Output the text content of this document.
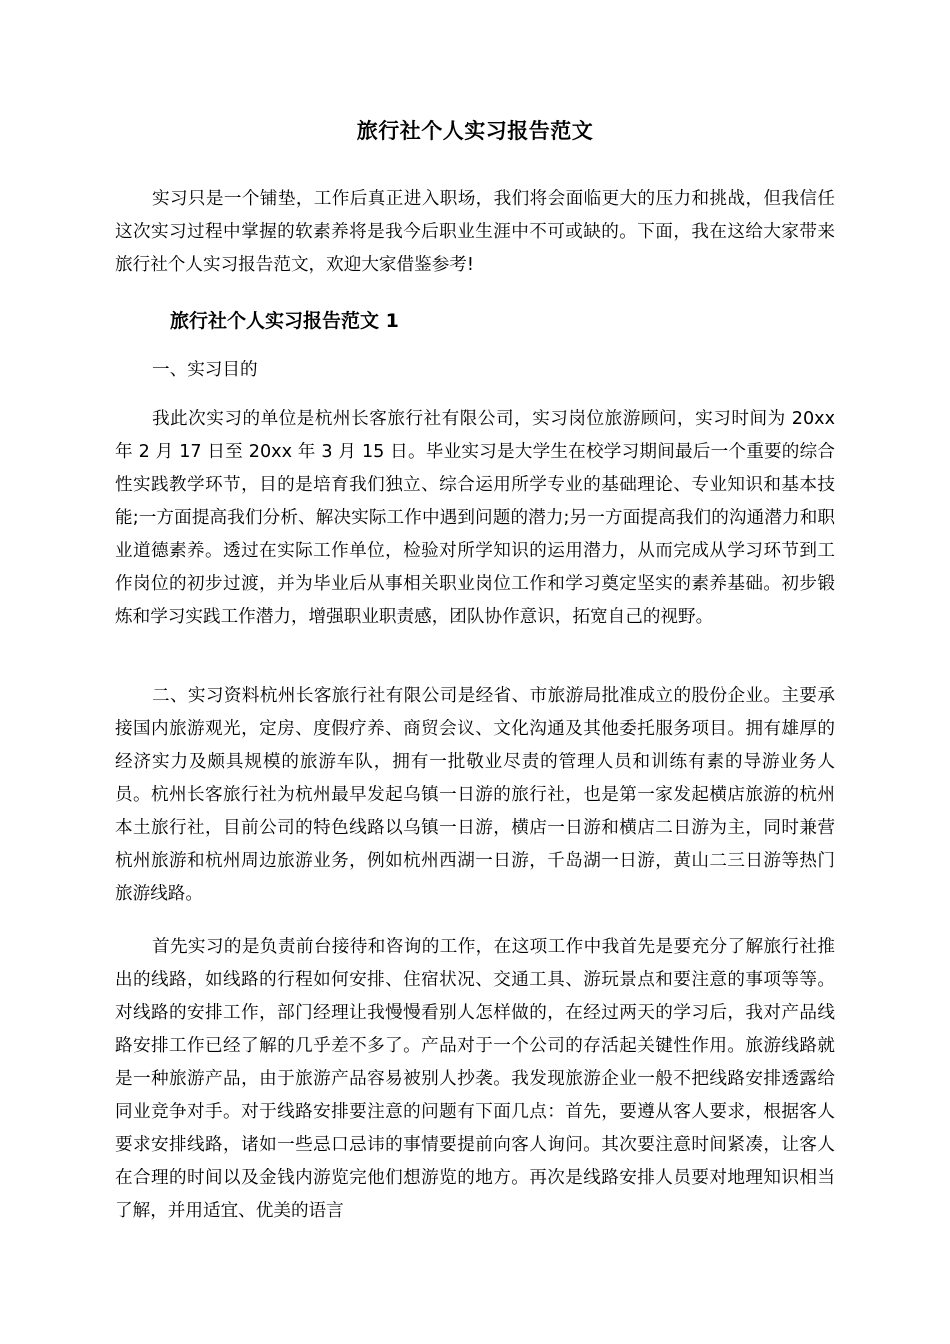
旅行社个人实习报告范文

实习只是一个铺垫，工作后真正进入职场，我们将会面临更大的压力和挑战，但我信任这次实习过程中掌握的软素养将是我今后职业生涯中不可或缺的。下面，我在这给大家带来旅行社个人实习报告范文，欢迎大家借鉴参考!

旅行社个人实习报告范文 1

一、实习目的

我此次实习的单位是杭州长客旅行社有限公司，实习岗位旅游顾问，实习时间为 20xx 年 2 月 17 日至 20xx 年 3 月 15 日。毕业实习是大学生在校学习期间最后一个重要的综合性实践教学环节，目的是培育我们独立、综合运用所学专业的基础理论、专业知识和基本技能;一方面提高我们分析、解决实际工作中遇到问题的潜力;另一方面提高我们的沟通潜力和职业道德素养。透过在实际工作单位，检验对所学知识的运用潜力，从而完成从学习环节到工作岗位的初步过渡，并为毕业后从事相关职业岗位工作和学习奠定坚实的素养基础。初步锻炼和学习实践工作潜力，增强职业职责感，团队协作意识，拓宽自己的视野。

二、实习资料杭州长客旅行社有限公司是经省、市旅游局批准成立的股份企业。主要承接国内旅游观光，定房、度假疗养、商贸会议、文化沟通及其他委托服务项目。拥有雄厚的经济实力及颇具规模的旅游车队，拥有一批敬业尽责的管理人员和训练有素的导游业务人员。杭州长客旅行社为杭州最早发起乌镇一日游的旅行社，也是第一家发起横店旅游的杭州本土旅行社，目前公司的特色线路以乌镇一日游，横店一日游和横店二日游为主，同时兼营杭州旅游和杭州周边旅游业务，例如杭州西湖一日游，千岛湖一日游，黄山二三日游等热门旅游线路。

首先实习的是负责前台接待和咨询的工作，在这项工作中我首先是要充分了解旅行社推出的线路，如线路的行程如何安排、住宿状况、交通工具、游玩景点和要注意的事项等等。对线路的安排工作，部门经理让我慢慢看别人怎样做的，在经过两天的学习后，我对产品线路安排工作已经了解的几乎差不多了。产品对于一个公司的存活起关键性作用。旅游线路就是一种旅游产品，由于旅游产品容易被别人抄袭。我发现旅游企业一般不把线路安排透露给同业竞争对手。对于线路安排要注意的问题有下面几点：首先，要遵从客人要求，根据客人要求安排线路，诸如一些忌口忌讳的事情要提前向客人询问。其次要注意时间紧凑，让客人在合理的时间以及金钱内游览完他们想游览的地方。再次是线路安排人员要对地理知识相当了解，并用适宜、优美的语言
